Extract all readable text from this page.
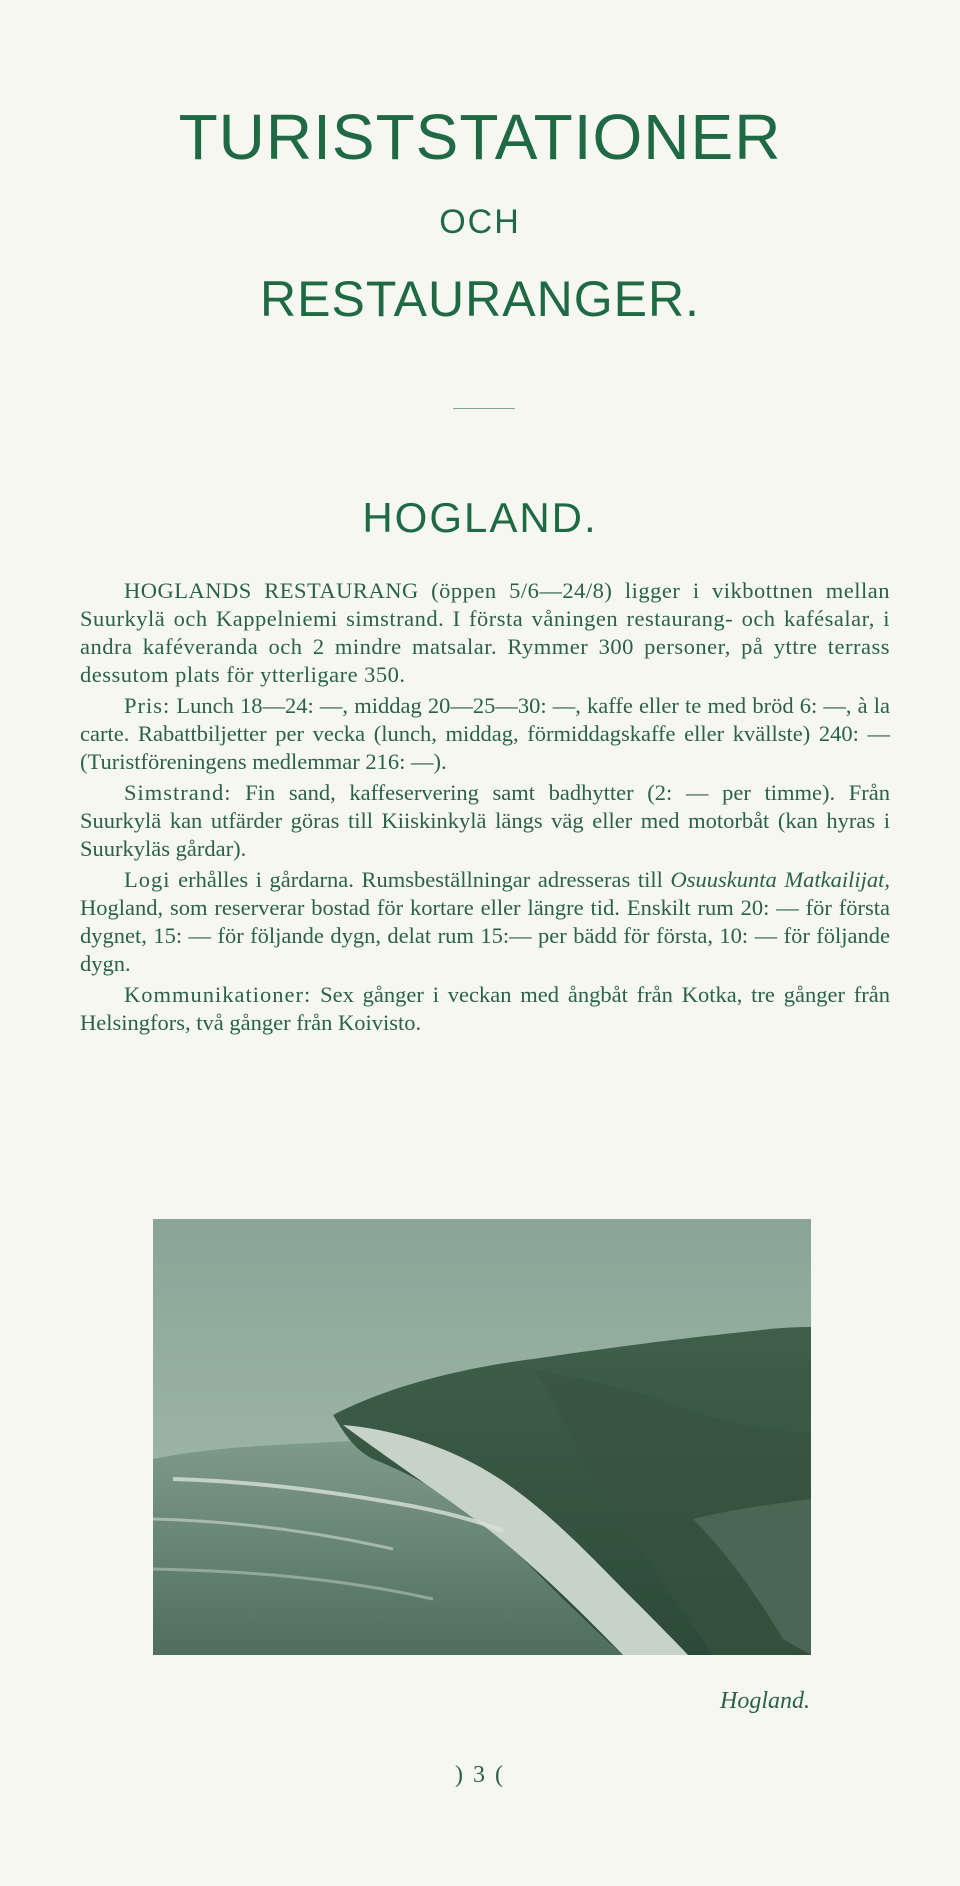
TURISTSTATIONER
OCH
RESTAURANGER.
HOGLAND.

HOGLANDS RESTAURANG (öppen 5/6—24/8) ligger i vikbottnen mellan Suurkylä och Kappelniemi simstrand. I första våningen restaurang- och kafésalar, i andra kaféveranda och 2 mindre matsalar. Rymmer 300 personer, på yttre terrass dessutom plats för ytterligare 350.

Pris: Lunch 18—24: —, middag 20—25—30: —, kaffe eller te med bröd 6: —, à la carte. Rabattbiljetter per vecka (lunch, middag, förmiddagskaffe eller kvällste) 240: — (Turistföreningens medlemmar 216: —).

Simstrand: Fin sand, kaffeservering samt badhytter (2: — per timme). Från Suurkylä kan utfärder göras till Kiiskinkylä längs väg eller med motorbåt (kan hyras i Suurkyläs gårdar).

Logi erhålles i gårdarna. Rumsbeställningar adresseras till Osuuskunta Matkailijat, Hogland, som reserverar bostad för kortare eller längre tid. Enskilt rum 20: — för första dygnet, 15: — för följande dygn, delat rum 15:— per bädd för första, 10: — för följande dygn.

Kommunikationer: Sex gånger i veckan med ångbåt från Kotka, tre gånger från Helsingfors, två gånger från Koivisto.

Hogland.
) 3 (
